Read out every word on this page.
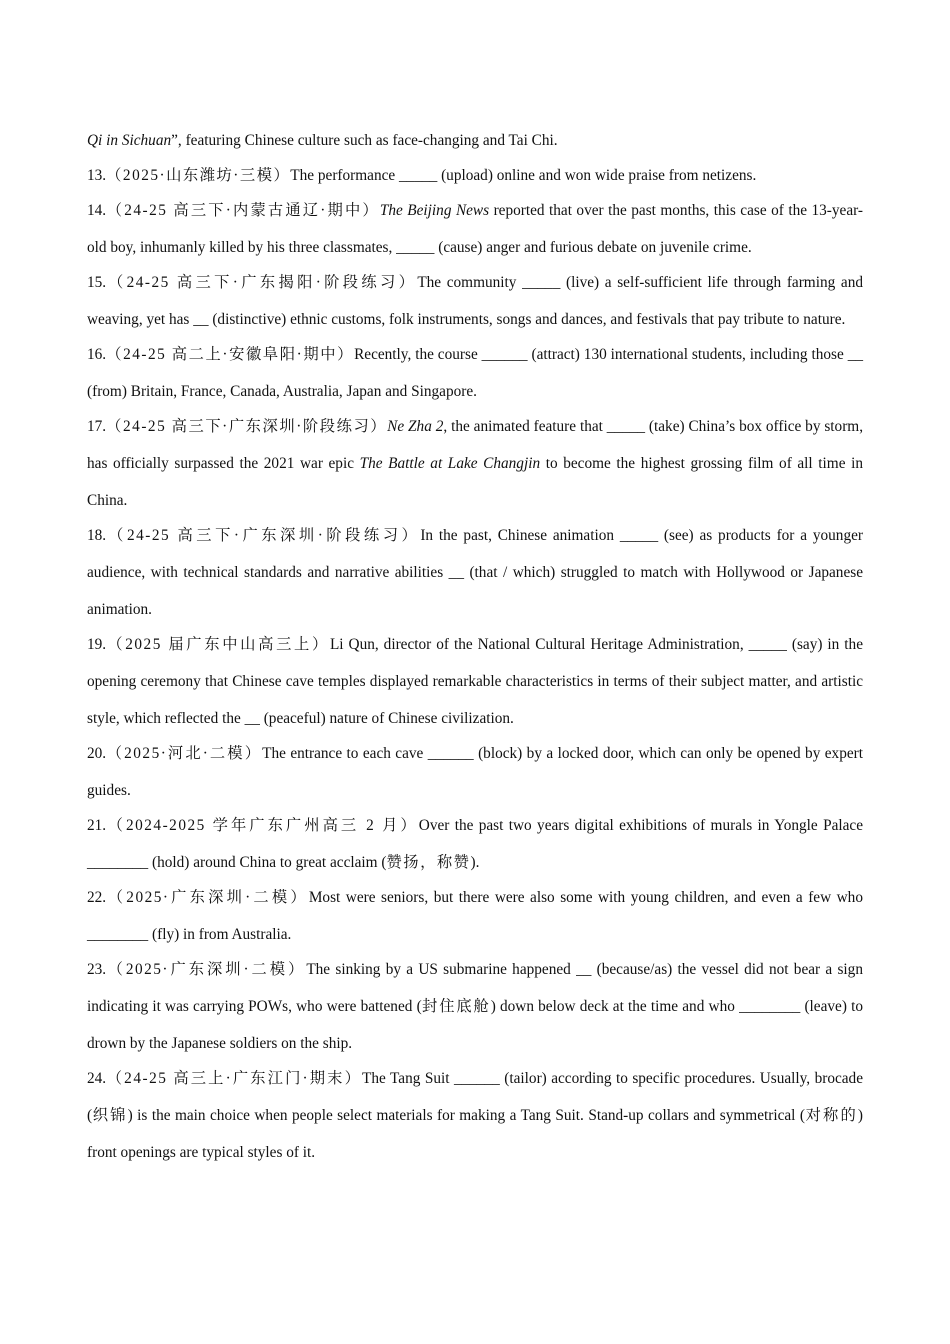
Qi in Sichuan”, featuring Chinese culture such as face-changing and Tai Chi.

13.（2025·山东潍坊·三模）The performance _____ (upload) online and won wide praise from netizens.

14.（24-25 高三下·内蒙古通辽·期中）The Beijing News reported that over the past months, this case of the 13-year-old boy, inhumanly killed by his three classmates, _____ (cause) anger and furious debate on juvenile crime.

15.（24-25 高三下·广东揭阳·阶段练习）The community _____ (live) a self-sufficient life through farming and weaving, yet has __ (distinctive) ethnic customs, folk instruments, songs and dances, and festivals that pay tribute to nature.

16.（24-25 高二上·安徽阜阳·期中）Recently, the course ______ (attract) 130 international students, including those __ (from) Britain, France, Canada, Australia, Japan and Singapore.

17.（24-25 高三下·广东深圳·阶段练习）Ne Zha 2, the animated feature that _____ (take) China’s box office by storm, has officially surpassed the 2021 war epic The Battle at Lake Changjin to become the highest grossing film of all time in China.

18.（24-25 高三下·广东深圳·阶段练习）In the past, Chinese animation _____ (see) as products for a younger audience, with technical standards and narrative abilities __ (that / which) struggled to match with Hollywood or Japanese animation.

19.（2025 届广东中山高三上）Li Qun, director of the National Cultural Heritage Administration, _____ (say) in the opening ceremony that Chinese cave temples displayed remarkable characteristics in terms of their subject matter, and artistic style, which reflected the __ (peaceful) nature of Chinese civilization.

20.（2025·河北·二模）The entrance to each cave ______ (block) by a locked door, which can only be opened by expert guides.

21.（2024-2025 学年广东广州高三 2 月）Over the past two years digital exhibitions of murals in Yongle Palace ________ (hold) around China to great acclaim (赞扬，称赞).

22.（2025·广东深圳·二模）Most were seniors, but there were also some with young children, and even a few who ________ (fly) in from Australia.

23.（2025·广东深圳·二模）The sinking by a US submarine happened __ (because/as) the vessel did not bear a sign indicating it was carrying POWs, who were battened (封住底舱) down below deck at the time and who ________ (leave) to drown by the Japanese soldiers on the ship.

24.（24-25 高三上·广东江门·期末）The Tang Suit ______ (tailor) according to specific procedures. Usually, brocade (织锦) is the main choice when people select materials for making a Tang Suit. Stand-up collars and symmetrical (对称的) front openings are typical styles of it.
